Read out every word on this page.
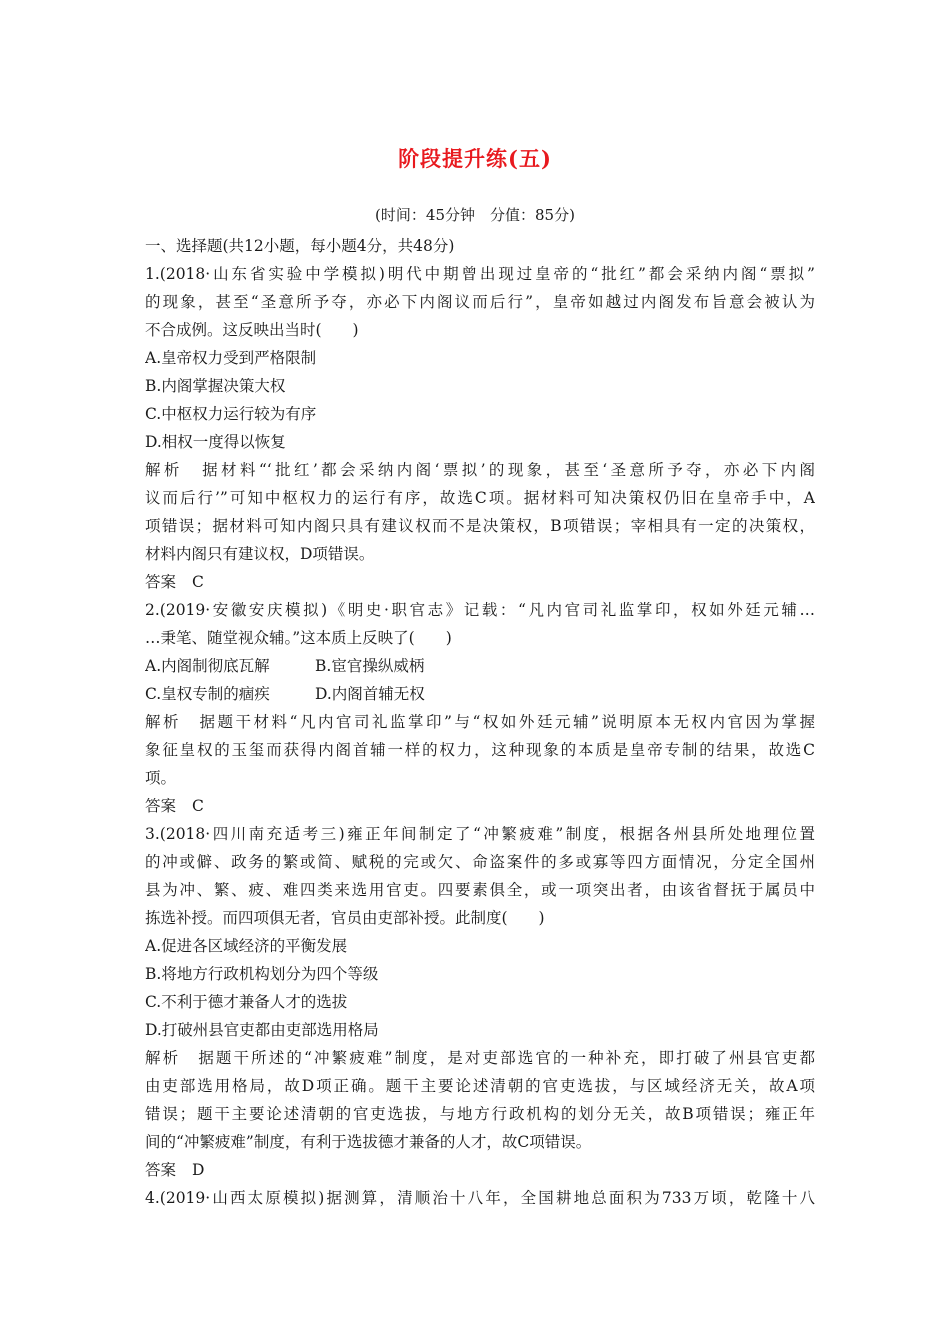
阶段提升练(五)
(时间：45分钟　分值：85分)
一、选择题(共12小题，每小题4分，共48分)
1.(2018·山东省实验中学模拟)明代中期曾出现过皇帝的“批红”都会采纳内阁“票拟”
的现象，甚至“圣意所予夺，亦必下内阁议而后行”，皇帝如越过内阁发布旨意会被认为
不合成例。这反映出当时(　　)
A.皇帝权力受到严格限制
B.内阁掌握决策大权
C.中枢权力运行较为有序
D.相权一度得以恢复
解析 据材料“‘批红’都会采纳内阁‘票拟’的现象，甚至‘圣意所予夺，亦必下内阁
议而后行’”可知中枢权力的运行有序，故选C项。据材料可知决策权仍旧在皇帝手中，A
项错误；据材料可知内阁只具有建议权而不是决策权，B项错误；宰相具有一定的决策权，
材料内阁只有建议权，D项错误。
答案 C
2.(2019·安徽安庆模拟)《明史·职官志》记载：“凡内官司礼监掌印，权如外廷元辅…
…秉笔、随堂视众辅。”这本质上反映了(　　)
A.内阁制彻底瓦解	B.宦官操纵威柄
C.皇权专制的痼疾	D.内阁首辅无权
解析 据题干材料“凡内官司礼监掌印”与“权如外廷元辅”说明原本无权内官因为掌握
象征皇权的玉玺而获得内阁首辅一样的权力，这种现象的本质是皇帝专制的结果，故选C
项。
答案 C
3.(2018·四川南充适考三)雍正年间制定了“冲繁疲难”制度，根据各州县所处地理位置
的冲或僻、政务的繁或简、赋税的完或欠、命盗案件的多或寡等四方面情况，分定全国州
县为冲、繁、疲、难四类来选用官吏。四要素俱全，或一项突出者，由该省督抚于属员中
拣选补授。而四项俱无者，官员由吏部补授。此制度(　　)
A.促进各区域经济的平衡发展
B.将地方行政机构划分为四个等级
C.不利于德才兼备人才的选拔
D.打破州县官吏都由吏部选用格局
解析 据题干所述的“冲繁疲难”制度，是对吏部选官的一种补充，即打破了州县官吏都
由吏部选用格局，故D项正确。题干主要论述清朝的官吏选拔，与区域经济无关，故A项
错误；题干主要论述清朝的官吏选拔，与地方行政机构的划分无关，故B项错误；雍正年
间的“冲繁疲难”制度，有利于选拔德才兼备的人才，故C项错误。
答案 D
4.(2019·山西太原模拟)据测算，清顺治十八年，全国耕地总面积为733万顷，乾隆十八
